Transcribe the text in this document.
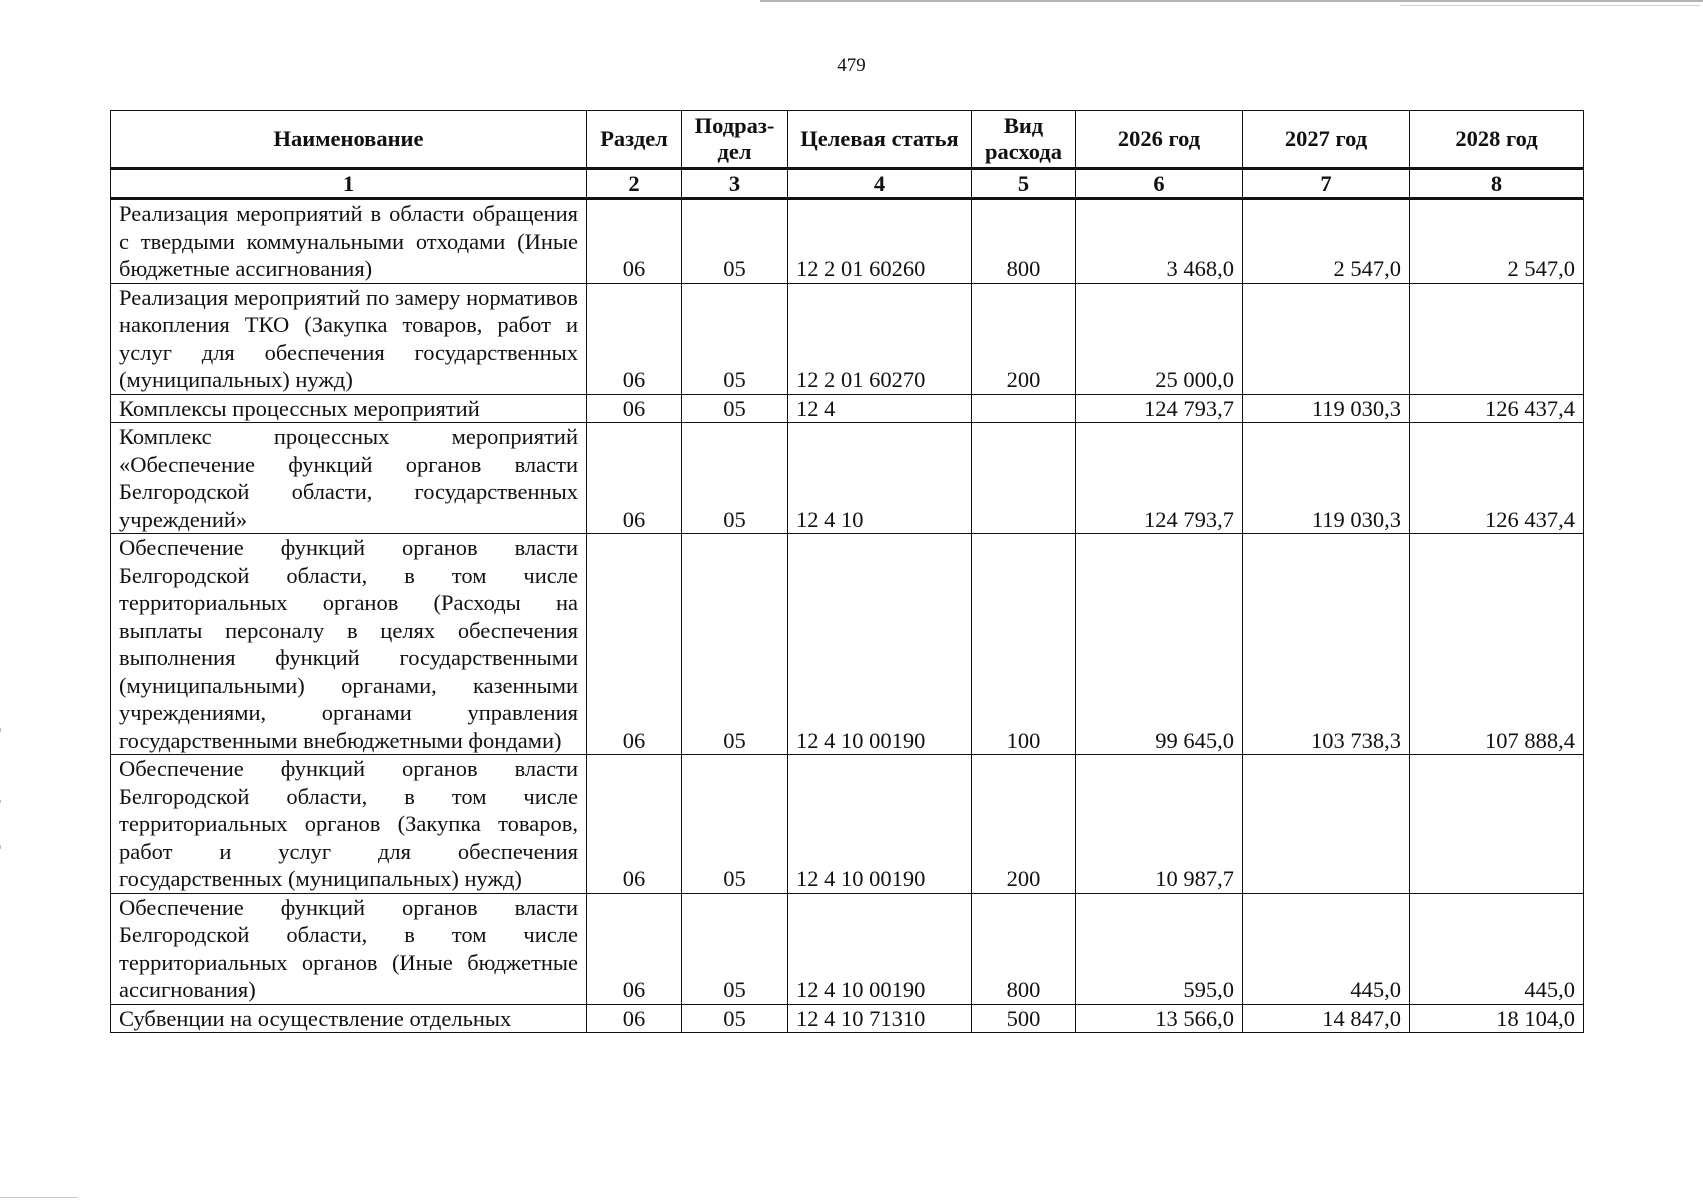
479
Наименование	Раздел	Подраз-дел	Целевая статья	Вид расхода	2026 год	2027 год	2028 год
1	2	3	4	5	6	7	8
Реализация мероприятий в области обращения с твердыми коммунальными отходами (Иные бюджетные ассигнования)	06	05	12 2 01 60260	800	3 468,0	2 547,0	2 547,0
Реализация мероприятий по замеру нормативов накопления ТКО (Закупка товаров, работ и услуг для обеспечения государственных (муниципальных) нужд)	06	05	12 2 01 60270	200	25 000,0		
Комплексы процессных мероприятий	06	05	12 4		124 793,7	119 030,3	126 437,4
Комплекс процессных мероприятий «Обеспечение функций органов власти Белгородской области, государственных учреждений»	06	05	12 4 10		124 793,7	119 030,3	126 437,4
Обеспечение функций органов власти Белгородской области, в том числе территориальных органов (Расходы на выплаты персоналу в целях обеспечения выполнения функций государственными (муниципальными) органами, казенными учреждениями, органами управления государственными внебюджетными фондами)	06	05	12 4 10 00190	100	99 645,0	103 738,3	107 888,4
Обеспечение функций органов власти Белгородской области, в том числе территориальных органов (Закупка товаров, работ и услуг для обеспечения государственных (муниципальных) нужд)	06	05	12 4 10 00190	200	10 987,7		
Обеспечение функций органов власти Белгородской области, в том числе территориальных органов (Иные бюджетные ассигнования)	06	05	12 4 10 00190	800	595,0	445,0	445,0
Субвенции на осуществление отдельных	06	05	12 4 10 71310	500	13 566,0	14 847,0	18 104,0
